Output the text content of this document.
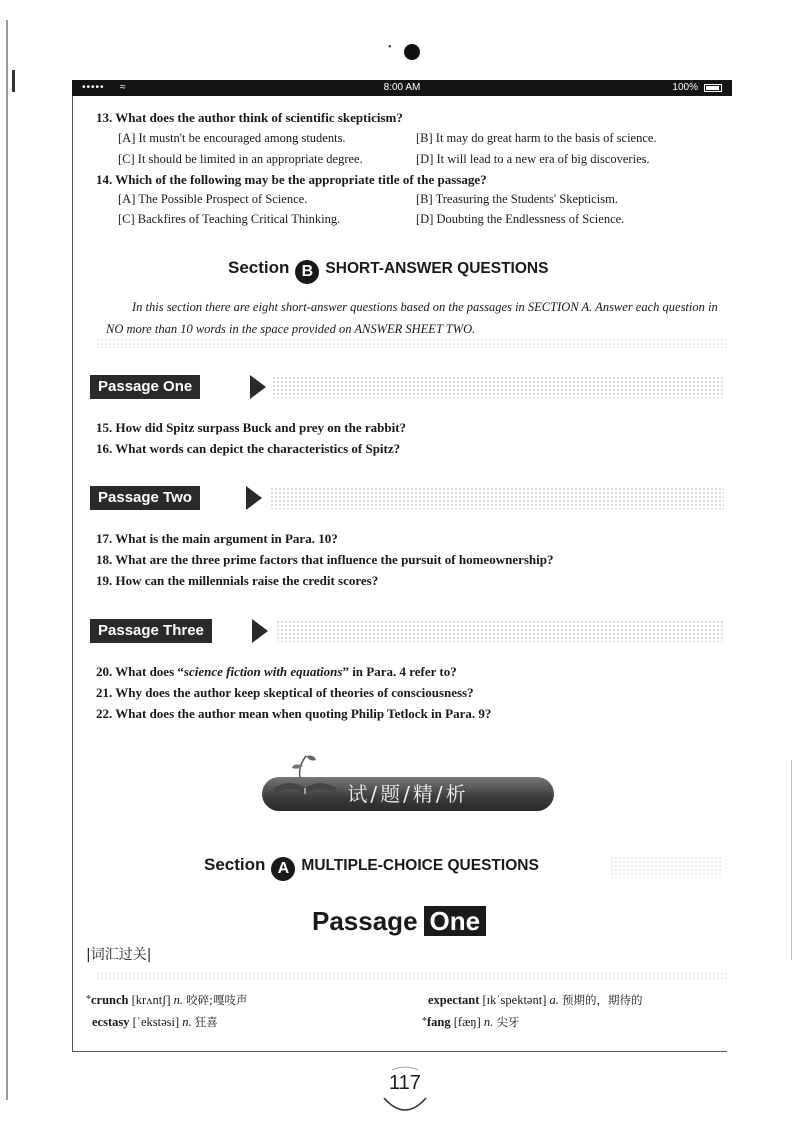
•
••••• ≈	8:00 AM	100%
13. What does the author think of scientific skepticism?
[A] It mustn't be encouraged among students.	[B] It may do great harm to the basis of science.
[C] It should be limited in an appropriate degree.	[D] It will lead to a new era of big discoveries.
14. Which of the following may be the appropriate title of the passage?
[A] The Possible Prospect of Science.	[B] Treasuring the Students' Skepticism.
[C] Backfires of Teaching Critical Thinking.	[D] Doubting the Endlessness of Science.
Section B SHORT-ANSWER QUESTIONS
In this section there are eight short-answer questions based on the passages in SECTION A. Answer each question in NO more than 10 words in the space provided on ANSWER SHEET TWO.
Passage One
15. How did Spitz surpass Buck and prey on the rabbit?
16. What words can depict the characteristics of Spitz?
Passage Two
17. What is the main argument in Para. 10?
18. What are the three prime factors that influence the pursuit of homeownership?
19. How can the millennials raise the credit scores?
Passage Three
20. What does “science fiction with equations” in Para. 4 refer to?
21. Why does the author keep skeptical of theories of consciousness?
22. What does the author mean when quoting Philip Tetlock in Para. 9?
试/题/精/析
Section A MULTIPLE-CHOICE QUESTIONS
Passage One
|词汇过关|
*crunch [krʌntʃ] n. 咬碎;嘎吱声	expectant [ɪkˈspektənt] a. 预期的，期待的
ecstasy [ˈekstəsi] n. 狂喜	*fang [fæŋ] n. 尖牙
117
